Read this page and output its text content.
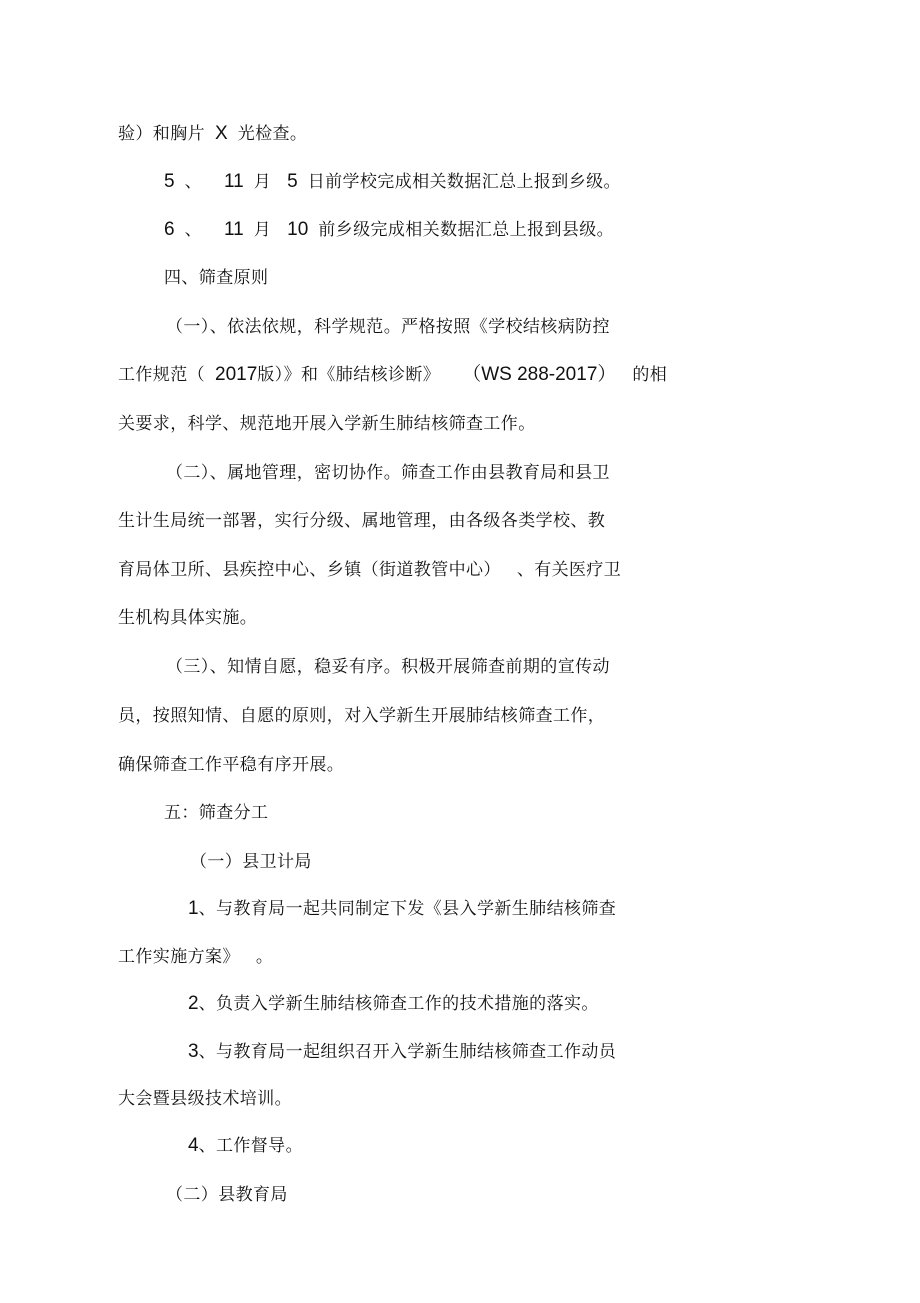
验）和胸片 X 光检查。
5 、 11 月 5 日前学校完成相关数据汇总上报到乡级。
6 、 11 月 10 前乡级完成相关数据汇总上报到县级。
四、筛查原则
（一）、依法依规，科学规范。严格按照《学校结核病防控
工作规范（ 2017版）》和《肺结核诊断》 （WS 288-2017） 的相
关要求，科学、规范地开展入学新生肺结核筛查工作。
（二）、属地管理，密切协作。筛查工作由县教育局和县卫
生计生局统一部署，实行分级、属地管理，由各级各类学校、教
育局体卫所、县疾控中心、乡镇（街道教管中心） 、有关医疗卫
生机构具体实施。
（三）、知情自愿，稳妥有序。积极开展筛查前期的宣传动
员，按照知情、自愿的原则，对入学新生开展肺结核筛查工作，
确保筛查工作平稳有序开展。
五：筛查分工
（一）县卫计局
1、与教育局一起共同制定下发《县入学新生肺结核筛查
工作实施方案》 。
2、负责入学新生肺结核筛查工作的技术措施的落实。
3、与教育局一起组织召开入学新生肺结核筛查工作动员
大会暨县级技术培训。
4、工作督导。
（二）县教育局
